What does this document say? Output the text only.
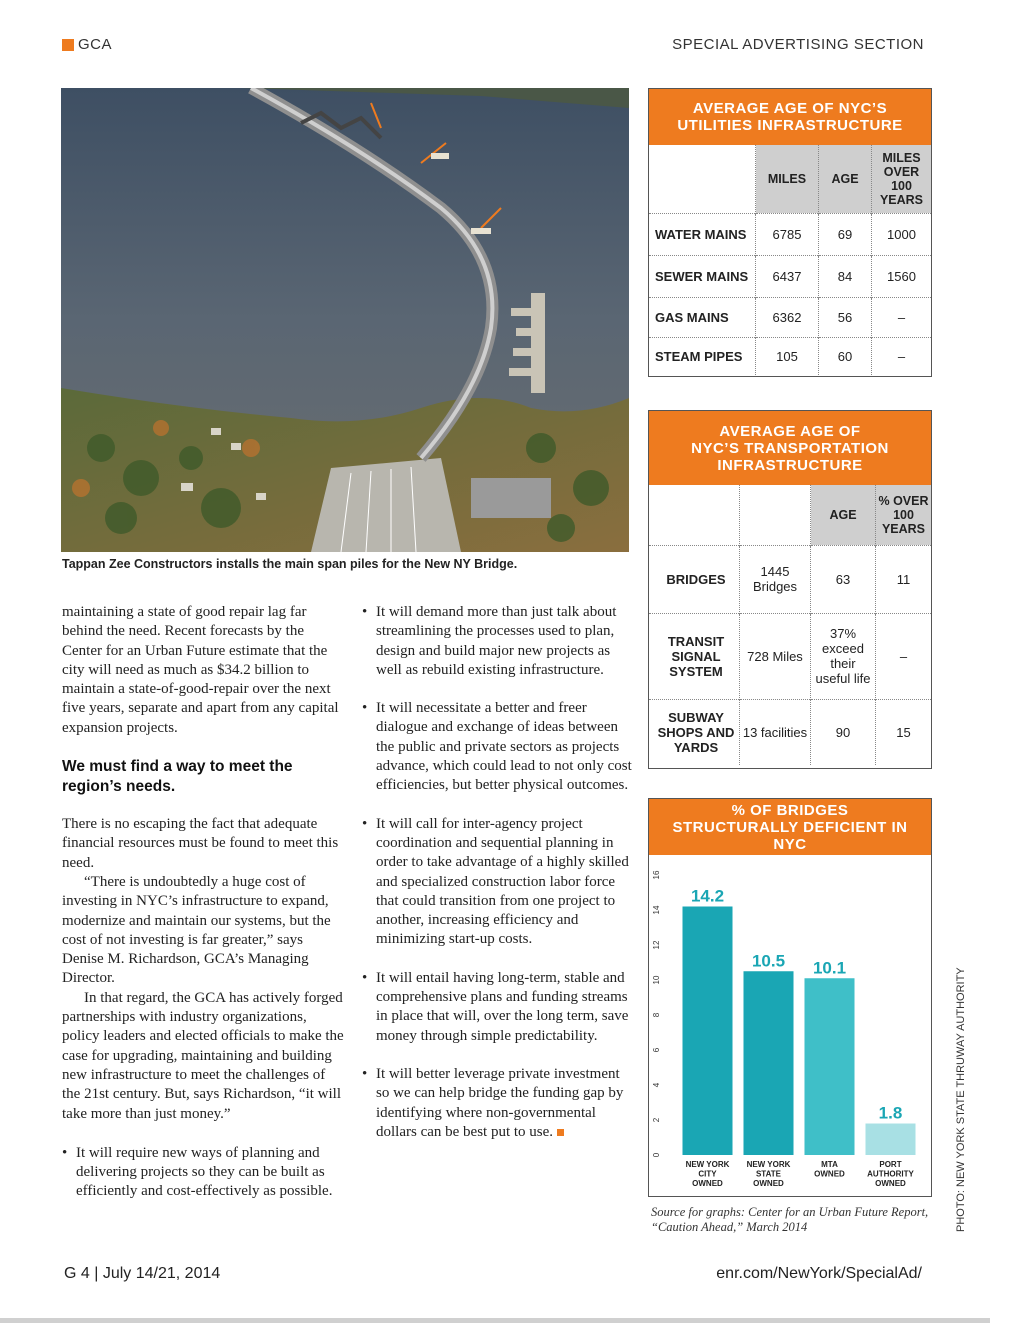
GCA	SPECIAL ADVERTISING SECTION
Tappan Zee Constructors installs the main span piles for the New NY Bridge.
maintaining a state of good repair lag far behind the need. Recent forecasts by the Center for an Urban Future estimate that the city will need as much as $34.2 billion to maintain a state-of-good-repair over the next five years, separate and apart from any capital expansion projects.
We must find a way to meet the region’s needs.
There is no escaping the fact that adequate financial resources must be found to meet this need.
“There is undoubtedly a huge cost of investing in NYC’s infrastructure to expand, modernize and maintain our systems, but the cost of not investing is far greater,” says Denise M. Richardson, GCA’s Managing Director.
In that regard, the GCA has actively forged partnerships with industry organizations, policy leaders and elected officials to make the case for upgrading, maintaining and building new infrastructure to meet the challenges of the 21st century. But, says Richardson, “it will take more than just money.”
• It will require new ways of planning and delivering projects so they can be built as efficiently and cost-effectively as possible.
• It will demand more than just talk about streamlining the processes used to plan, design and build major new projects as well as rebuild existing infrastructure.
• It will necessitate a better and freer dialogue and exchange of ideas between the public and private sectors as projects advance, which could lead to not only cost efficiencies, but better physical outcomes.
• It will call for inter-agency project coordination and sequential planning in order to take advantage of a highly skilled and specialized construction labor force that could transition from one project to another, increasing efficiency and minimizing start-up costs.
• It will entail having long-term, stable and comprehensive plans and funding streams in place that will, over the long term, save money through simple predictability.
• It will better leverage private investment so we can help bridge the funding gap by identifying where non-governmental dollars can be best put to use.
AVERAGE AGE OF NYC’S
UTILITIES INFRASTRUCTURE
	MILES	AGE	MILES OVER 100 YEARS
WATER MAINS	6785	69	1000
SEWER MAINS	6437	84	1560
GAS MAINS	6362	56	–
STEAM PIPES	105	60	–
AVERAGE AGE OF
NYC’S TRANSPORTATION
INFRASTRUCTURE
		AGE	% OVER 100 YEARS
BRIDGES	1445 Bridges	63	11
TRANSIT SIGNAL SYSTEM	728 Miles	37% exceed their useful life	–
SUBWAY SHOPS AND YARDS	13 facilities	90	15
% OF BRIDGES STRUCTURALLY DEFICIENT IN NYC
0
2
4
6
8
10
12
14
16
14.2
NEW YORK CITY OWNED
10.5
NEW YORK STATE OWNED
10.1
MTA OWNED
1.8
PORT AUTHORITY OWNED
Source for graphs: Center for an Urban Future Report, “Caution Ahead,” March 2014	PHOTO: NEW YORK STATE THRUWAY AUTHORITY
G 4 | July 14/21, 2014	enr.com/NewYork/SpecialAd/
